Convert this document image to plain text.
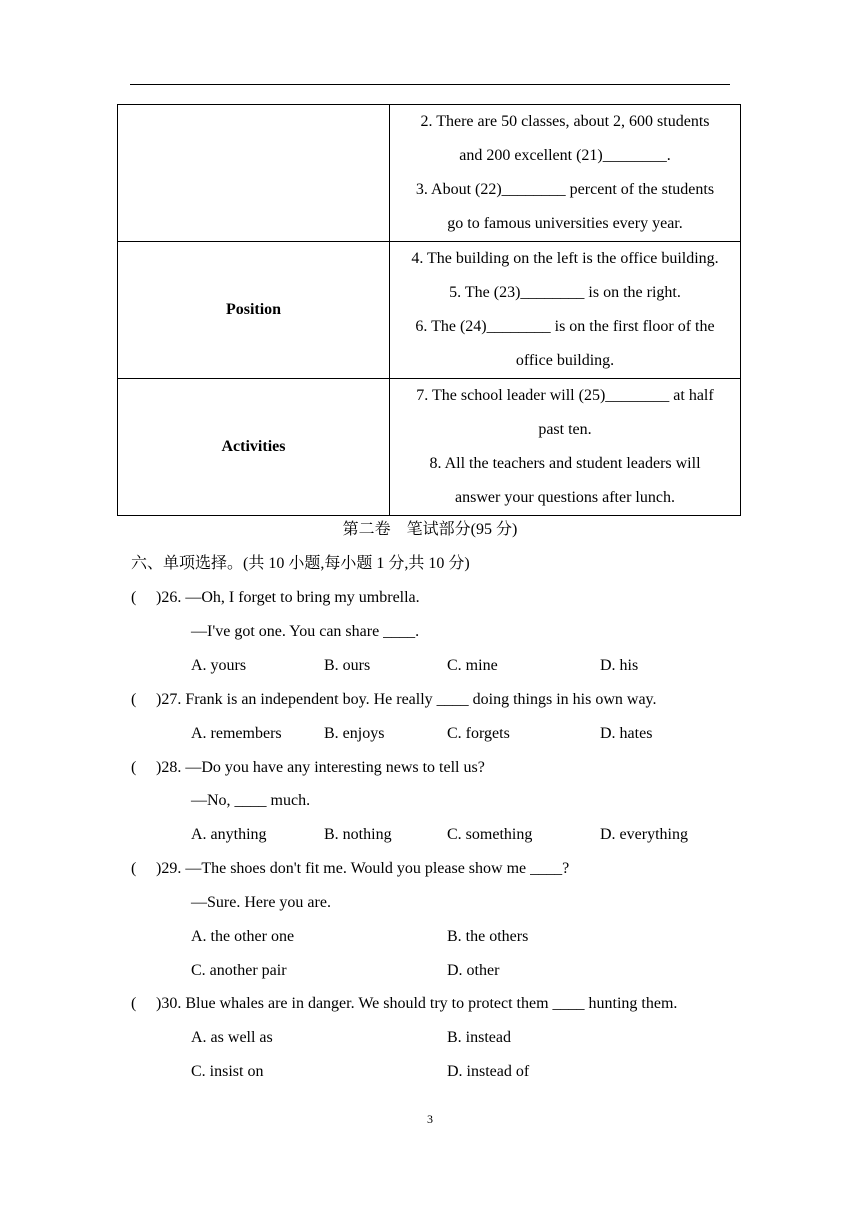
	2. There are 50 classes, about 2, 600 students

and 200 excellent (21)________.

3. About (22)________ percent of the students

go to famous universities every year.

Position	4. The building on the left is the office building.

5. The (23)________ is on the right.

6. The (24)________ is on the first floor of the

office building.

Activities	7. The school leader will (25)________ at half

past ten.

8. All the teachers and student leaders will

answer your questions after lunch.

第二卷　笔试部分(95 分)
六、单项选择。(共 10 小题,每小题 1 分,共 10 分)
( )26. —Oh, I forget to bring my umbrella.
—I've got one. You can share ____.
A. yours	B. ours	C. mine	D. his
( )27. Frank is an independent boy. He really ____ doing things in his own way.
A. remembers	B. enjoys	C. forgets	D. hates
( )28. —Do you have any interesting news to tell us?
—No, ____ much.
A. anything	B. nothing	C. something	D. everything
( )29. —The shoes don't fit me. Would you please show me ____?
—Sure. Here you are.
A. the other one	B. the others
C. another pair	D. other
( )30. Blue whales are in danger. We should try to protect them ____ hunting them.
A. as well as	B. instead
C. insist on	D. instead of
3
